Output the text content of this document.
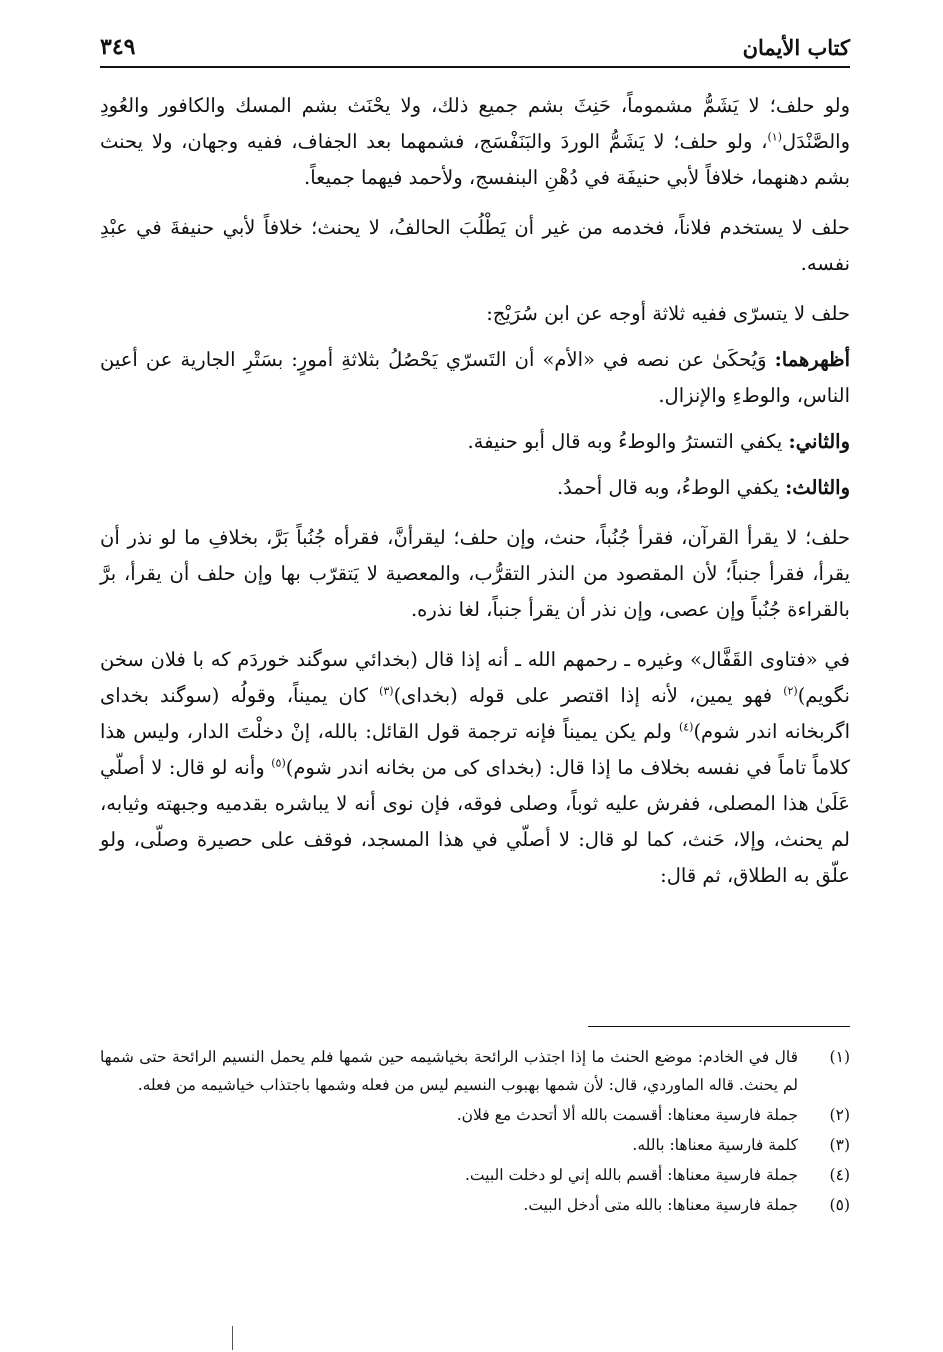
كتاب الأيمان
٣٤٩

ولو حلف؛ لا يَشَمُّ مشموماً، حَنِثَ بشم جميع ذلك، ولا يحْنَث بشم المسك والكافور والعُودِ والصَّنْدَل$^{(١)}$، ولو حلف؛ لا يَشَمُّ الوردَ والبَنَفْسَج، فشمهما بعد الجفاف، ففيه وجهان، ولا يحنث بشم دهنهما، خلافاً لأبي حنيفَة في دُهْنِ البنفسج، ولأحمد فيهما جميعاً.

حلف لا يستخدم فلاناً، فخدمه من غير أن يَطْلُبَ الحالفُ، لا يحنث؛ خلافاً لأبي حنيفةَ في عبْدِ نفسه.

حلف لا يتسرّى ففيه ثلاثة أوجه عن ابن سُرَيْج:

أظهرهما: وَيُحكَىٰ عن نصه في «الأم» أن التَسرّي يَحْصُلُ بثلاثةِ أمورٍ: بسَتْرِ الجارية عن أعين الناس، والوطءِ والإنزال.

والثاني: يكفي التسترُ والوطءُ وبه قال أبو حنيفة.

والثالث: يكفي الوطءُ، وبه قال أحمدُ.

حلف؛ لا يقرأ القرآن، فقرأ جُنُباً، حنث، وإن حلف؛ ليقرأنَّ، فقرأه جُنُباً بَرَّ، بخلافِ ما لو نذر أن يقرأ، فقرأ جنباً؛ لأن المقصود من النذر التقرُّب، والمعصية لا يَتقرّب بها وإن حلف أن يقرأ، برَّ بالقراءة جُنُباً وإن عصى، وإن نذر أن يقرأ جنباً، لغا نذره.

في «فتاوى القَفَّال» وغيره ـ رحمهم الله ـ أنه إذا قال (بخدائي سوگند خوردَم كه با فلان سخن نگويم)$^{(٢)}$ فهو يمين، لأنه إذا اقتصر على قوله (بخداى)$^{(٣)}$ كان يميناً، وقولُه (سوگند بخداى اگربخانه اندر شوم)$^{(٤)}$ ولم يكن يميناً فإنه ترجمة قول القائل: بالله، إنْ دخلْتَ الدار، وليس هذا كلاماً تاماً في نفسه بخلاف ما إذا قال: (بخداى كى من بخانه اندر شوم)$^{(٥)}$ وأنه لو قال: لا أصلّي عَلَىٰ هذا المصلى، ففرش عليه ثوباً، وصلى فوقه، فإن نوى أنه لا يباشره بقدميه وجبهته وثيابه، لم يحنث، وإلا، حَنث، كما لو قال: لا أصلّي في هذا المسجد، فوقف على حصيرة وصلّى، ولو علّق به الطلاق، ثم قال:

(١)
قال في الخادم: موضع الحنث ما إذا اجتذب الرائحة بخياشيمه حين شمها فلم يحمل النسيم الرائحة حتى شمها لم يحنث. قاله الماوردي، قال: لأن شمها بهبوب النسيم ليس من فعله وشمها باجتذاب خياشيمه من فعله.
(٢)
جملة فارسية معناها: أقسمت بالله ألا أتحدث مع فلان.
(٣)
كلمة فارسية معناها: بالله.
(٤)
جملة فارسية معناها: أقسم بالله إني لو دخلت البيت.
(٥)
جملة فارسية معناها: بالله متى أدخل البيت.
